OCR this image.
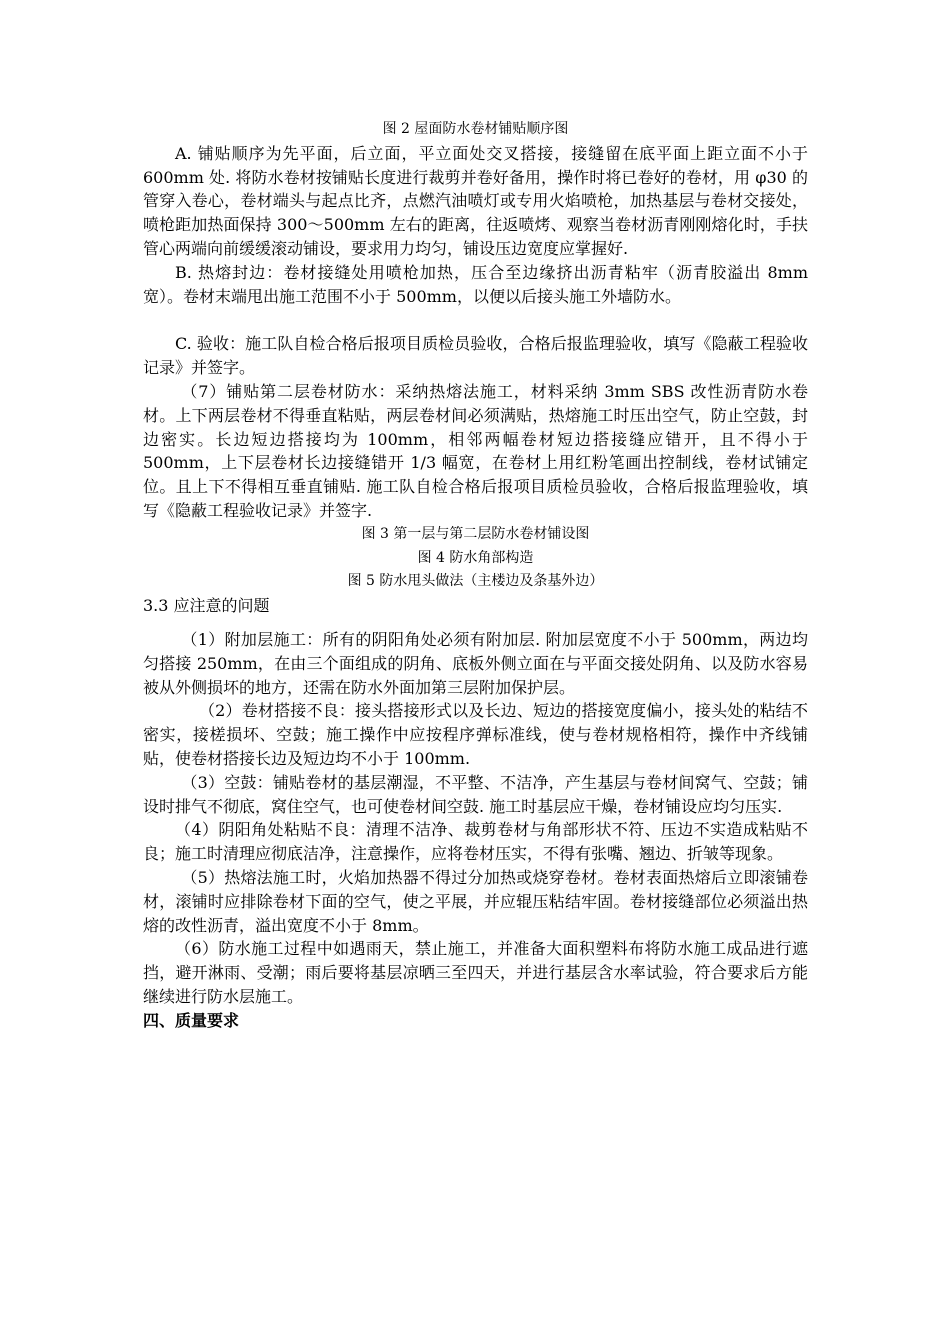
图 2 屋面防水卷材铺贴顺序图

A. 铺贴顺序为先平面，后立面，平立面处交叉搭接，接缝留在底平面上距立面不小于 600mm 处. 将防水卷材按铺贴长度进行裁剪并卷好备用，操作时将已卷好的卷材，用 φ30 的管穿入卷心，卷材端头与起点比齐，点燃汽油喷灯或专用火焰喷枪，加热基层与卷材交接处，喷枪距加热面保持 300～500mm 左右的距离，往返喷烤、观察当卷材沥青刚刚熔化时，手扶管心两端向前缓缓滚动铺设，要求用力均匀，铺设压边宽度应掌握好.

B. 热熔封边：卷材接缝处用喷枪加热，压合至边缘挤出沥青粘牢（沥青胶溢出 8mm 宽）。卷材末端甩出施工范围不小于 500mm，以便以后接头施工外墙防水。

C. 验收：施工队自检合格后报项目质检员验收，合格后报监理验收，填写《隐蔽工程验收记录》并签字。

（7）铺贴第二层卷材防水：采纳热熔法施工，材料采纳 3mm SBS 改性沥青防水卷材。上下两层卷材不得垂直粘贴，两层卷材间必须满贴，热熔施工时压出空气，防止空鼓，封边密实。长边短边搭接均为 100mm，相邻两幅卷材短边搭接缝应错开，且不得小于 500mm，上下层卷材长边接缝错开 1/3 幅宽，在卷材上用红粉笔画出控制线，卷材试铺定位。且上下不得相互垂直铺贴. 施工队自检合格后报项目质检员验收，合格后报监理验收，填写《隐蔽工程验收记录》并签字.

图 3 第一层与第二层防水卷材铺设图
图 4 防水角部构造
图 5 防水甩头做法（主楼边及条基外边）

3.3 应注意的问题

（1）附加层施工：所有的阴阳角处必须有附加层. 附加层宽度不小于 500mm，两边均匀搭接 250mm，在由三个面组成的阴角、底板外侧立面在与平面交接处阴角、以及防水容易被从外侧损坏的地方，还需在防水外面加第三层附加保护层。

（2）卷材搭接不良：接头搭接形式以及长边、短边的搭接宽度偏小，接头处的粘结不密实，接槎损坏、空鼓；施工操作中应按程序弹标准线，使与卷材规格相符，操作中齐线铺贴，使卷材搭接长边及短边均不小于 100mm.

（3）空鼓：铺贴卷材的基层潮湿，不平整、不洁净，产生基层与卷材间窝气、空鼓；铺设时排气不彻底，窝住空气，也可使卷材间空鼓. 施工时基层应干燥，卷材铺设应均匀压实.

（4）阴阳角处粘贴不良：清理不洁净、裁剪卷材与角部形状不符、压边不实造成粘贴不良；施工时清理应彻底洁净，注意操作，应将卷材压实，不得有张嘴、翘边、折皱等现象。

（5）热熔法施工时，火焰加热器不得过分加热或烧穿卷材。卷材表面热熔后立即滚铺卷材，滚铺时应排除卷材下面的空气，使之平展，并应辊压粘结牢固。卷材接缝部位必须溢出热熔的改性沥青，溢出宽度不小于 8mm。

（6）防水施工过程中如遇雨天，禁止施工，并准备大面积塑料布将防水施工成品进行遮挡，避开淋雨、受潮；雨后要将基层凉晒三至四天，并进行基层含水率试验，符合要求后方能继续进行防水层施工。

四、质量要求
